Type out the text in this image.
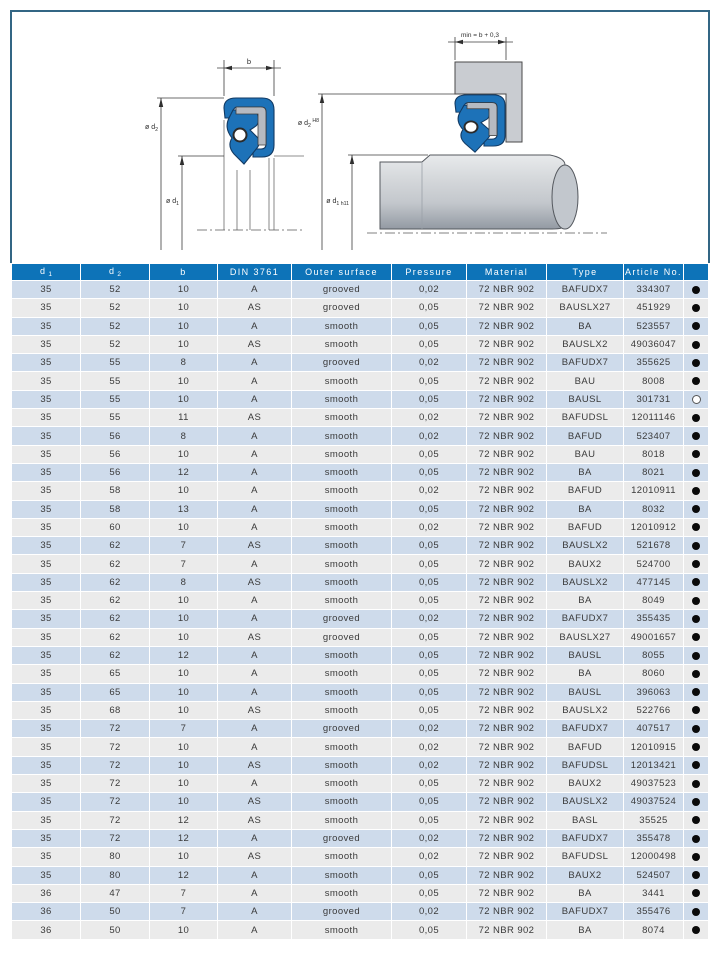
b
ø $d_2$
ø $d_1$
min = b + 0,3
ø $d_2$ $^{H8}$
ø $d_1$ h11
d $_1$	d $_2$	b	DIN 3761	Outer surface	Pressure	Material	Type	Article No.	
35	52	10	A	grooved	0,02	72 NBR 902	BAFUDX7	334307	
35	52	10	AS	grooved	0,05	72 NBR 902	BAUSLX27	451929	
35	52	10	A	smooth	0,05	72 NBR 902	BA	523557	
35	52	10	AS	smooth	0,05	72 NBR 902	BAUSLX2	49036047	
35	55	8	A	grooved	0,02	72 NBR 902	BAFUDX7	355625	
35	55	10	A	smooth	0,05	72 NBR 902	BAU	8008	
35	55	10	A	smooth	0,05	72 NBR 902	BAUSL	301731	
35	55	11	AS	smooth	0,02	72 NBR 902	BAFUDSL	12011146	
35	56	8	A	smooth	0,02	72 NBR 902	BAFUD	523407	
35	56	10	A	smooth	0,05	72 NBR 902	BAU	8018	
35	56	12	A	smooth	0,05	72 NBR 902	BA	8021	
35	58	10	A	smooth	0,02	72 NBR 902	BAFUD	12010911	
35	58	13	A	smooth	0,05	72 NBR 902	BA	8032	
35	60	10	A	smooth	0,02	72 NBR 902	BAFUD	12010912	
35	62	7	AS	smooth	0,05	72 NBR 902	BAUSLX2	521678	
35	62	7	A	smooth	0,05	72 NBR 902	BAUX2	524700	
35	62	8	AS	smooth	0,05	72 NBR 902	BAUSLX2	477145	
35	62	10	A	smooth	0,05	72 NBR 902	BA	8049	
35	62	10	A	grooved	0,02	72 NBR 902	BAFUDX7	355435	
35	62	10	AS	grooved	0,05	72 NBR 902	BAUSLX27	49001657	
35	62	12	A	smooth	0,05	72 NBR 902	BAUSL	8055	
35	65	10	A	smooth	0,05	72 NBR 902	BA	8060	
35	65	10	A	smooth	0,05	72 NBR 902	BAUSL	396063	
35	68	10	AS	smooth	0,05	72 NBR 902	BAUSLX2	522766	
35	72	7	A	grooved	0,02	72 NBR 902	BAFUDX7	407517	
35	72	10	A	smooth	0,02	72 NBR 902	BAFUD	12010915	
35	72	10	AS	smooth	0,02	72 NBR 902	BAFUDSL	12013421	
35	72	10	A	smooth	0,05	72 NBR 902	BAUX2	49037523	
35	72	10	AS	smooth	0,05	72 NBR 902	BAUSLX2	49037524	
35	72	12	AS	smooth	0,05	72 NBR 902	BASL	35525	
35	72	12	A	grooved	0,02	72 NBR 902	BAFUDX7	355478	
35	80	10	AS	smooth	0,02	72 NBR 902	BAFUDSL	12000498	
35	80	12	A	smooth	0,05	72 NBR 902	BAUX2	524507	
36	47	7	A	smooth	0,05	72 NBR 902	BA	3441	
36	50	7	A	grooved	0,02	72 NBR 902	BAFUDX7	355476	
36	50	10	A	smooth	0,05	72 NBR 902	BA	8074	
